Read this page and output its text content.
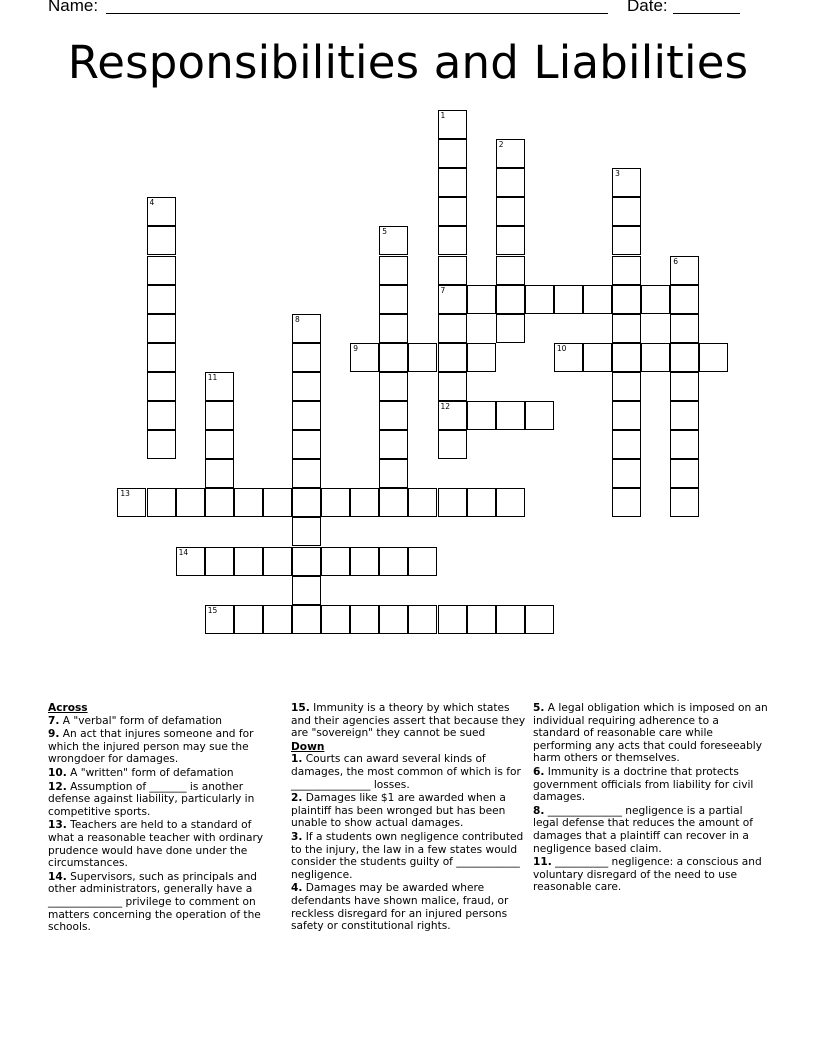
Name:	Date:
Responsibilities and Liabilities
1
7
12
2
3
4
5
6
8
9	10
11
13
14
15
Across
7. A "verbal" form of defamation
9. An act that injures someone and for which the injured person may sue the wrongdoer for damages.
10. A "written" form of defamation
12. Assumption of _______ is another defense against liability, particularly in competitive sports.
13. Teachers are held to a standard of what a reasonable teacher with ordinary prudence would have done under the circumstances.
14. Supervisors, such as principals and other administrators, generally have a ______________ privilege to comment on matters concerning the operation of the schools.
15. Immunity is a theory by which states and their agencies assert that because they are "sovereign" they cannot be sued
Down
1. Courts can award several kinds of damages, the most common of which is for _______________ losses.
2. Damages like $1 are awarded when a plaintiff has been wronged but has been unable to show actual damages.
3. If a students own negligence contributed to the injury, the law in a few states would consider the students guilty of ____________ negligence.
4. Damages may be awarded where defendants have shown malice, fraud, or reckless disregard for an injured persons safety or constitutional rights.
5. A legal obligation which is imposed on an individual requiring adherence to a standard of reasonable care while performing any acts that could foreseeably harm others or themselves.
6. Immunity is a doctrine that protects government officials from liability for civil damages.
8. ______________ negligence is a partial legal defense that reduces the amount of damages that a plaintiff can recover in a negligence based claim.
11. __________ negligence: a conscious and voluntary disregard of the need to use reasonable care.
